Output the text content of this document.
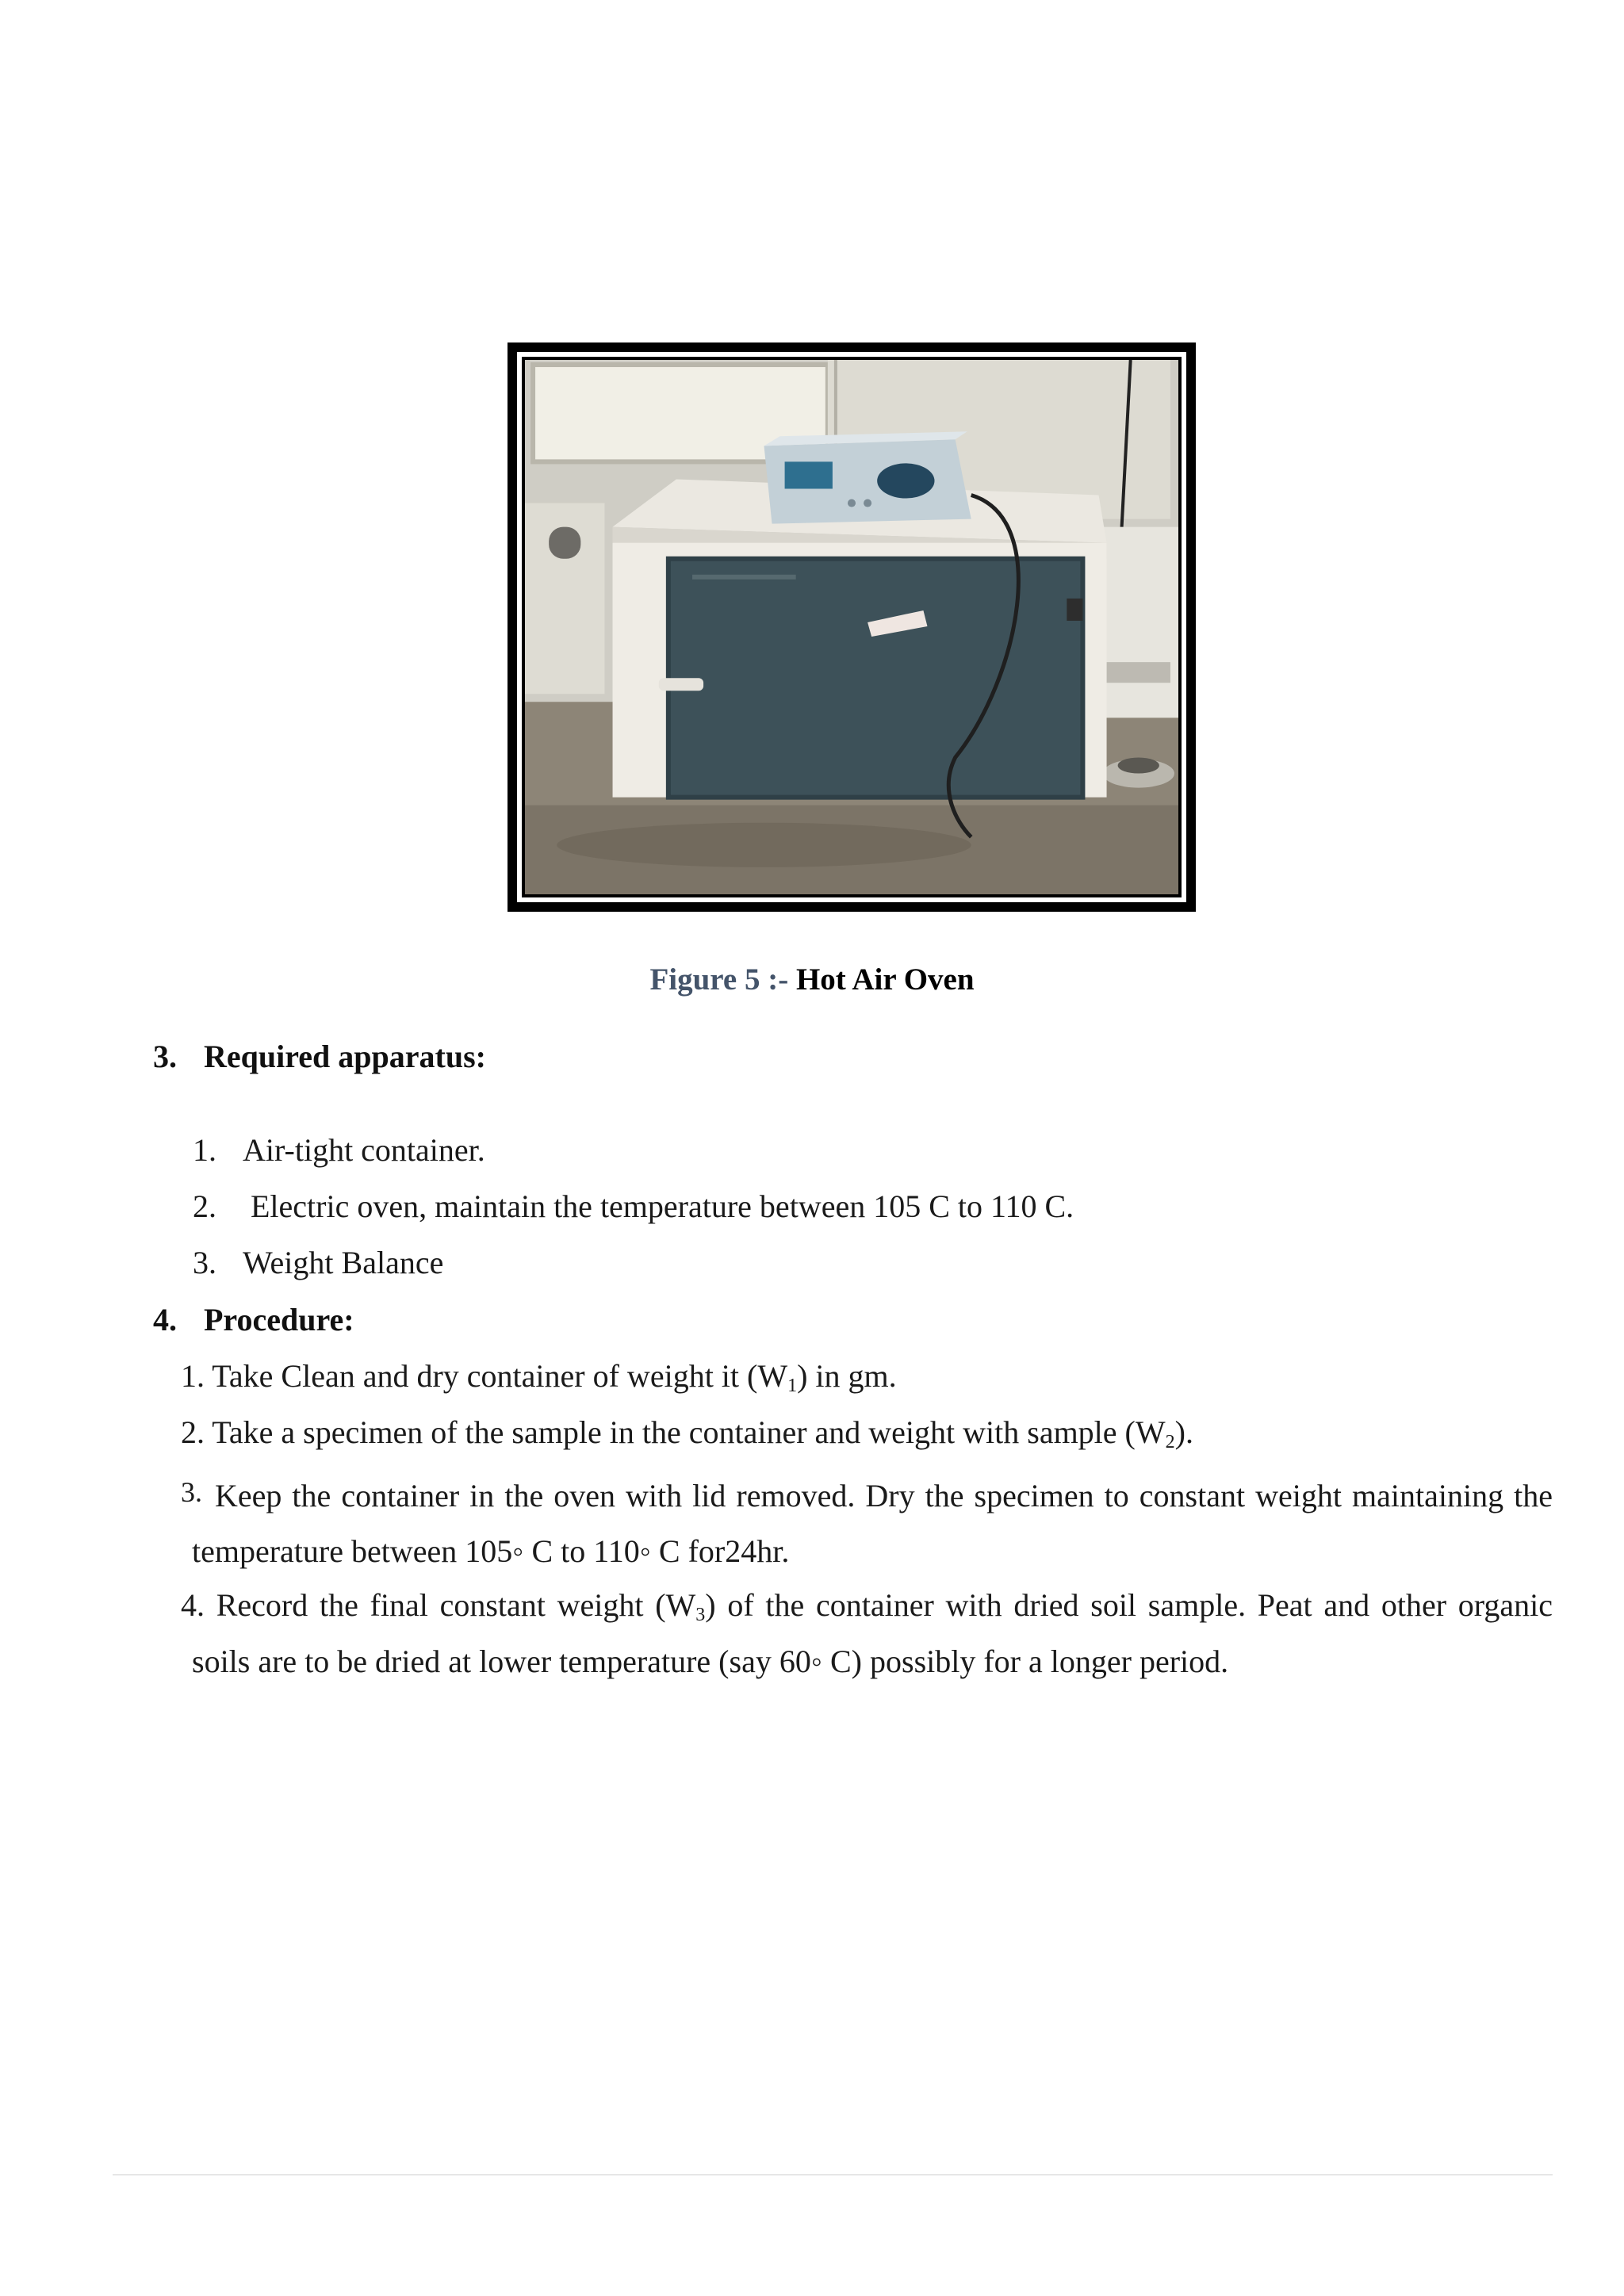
Figure 5 :- Hot Air Oven
3. Required apparatus:
1. Air-tight container.
2. Electric oven, maintain the temperature between 105 C to 110 C.
3. Weight Balance
4. Procedure:
1. Take Clean and dry container of weight it $(W_1)$ in gm.
2. Take a specimen of the sample in the container and weight with sample $(W_2)$.
3. Keep the container in the oven with lid removed. Dry the specimen to constant weight maintaining the
temperature between 105◦ C to 110◦ C for24hr.
4. Record the final constant weight $(W_3)$ of the container with dried soil sample. Peat and other organic
soils are to be dried at lower temperature (say 60◦ C) possibly for a longer period.
